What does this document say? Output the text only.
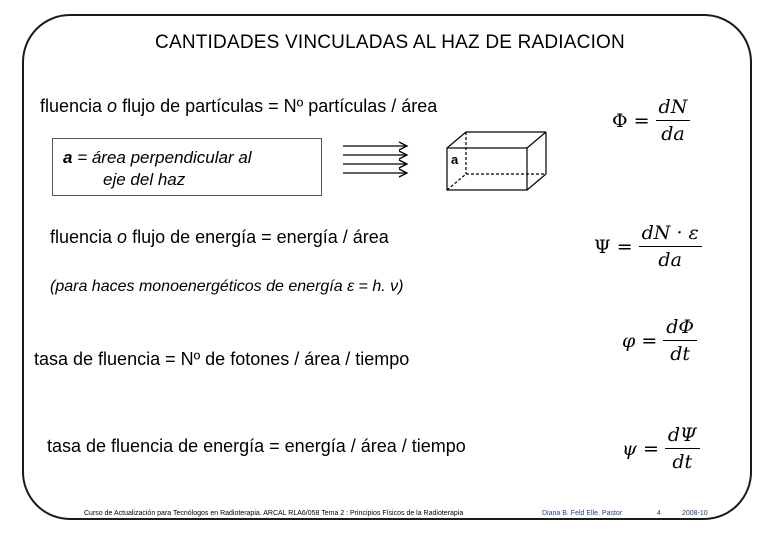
CANTIDADES VINCULADAS AL HAZ DE RADIACION
fluencia o flujo de partículas = Nº partículas / área
a = área perpendicular al
eje del haz
a
$\Phi = \frac{dN}{da}$
fluencia o flujo de energía = energía / área	$\Psi = \frac{dN \cdot \varepsilon}{da}$
(para haces monoenergéticos de energía ε = h. ν)
tasa de fluencia = Nº de fotones / área / tiempo
$\varphi = \frac{d\Phi}{dt}$
tasa de fluencia de energía = energía / área / tiempo	$\psi = \frac{d\Psi}{dt}$
Curso de Actualización para Tecnólogos en Radioterapia. ARCAL RLA6/058 Tema 2 : Principios Físicos de la Radioterapia	Diana B. Feld Elle. Pastor	4	2008-10
